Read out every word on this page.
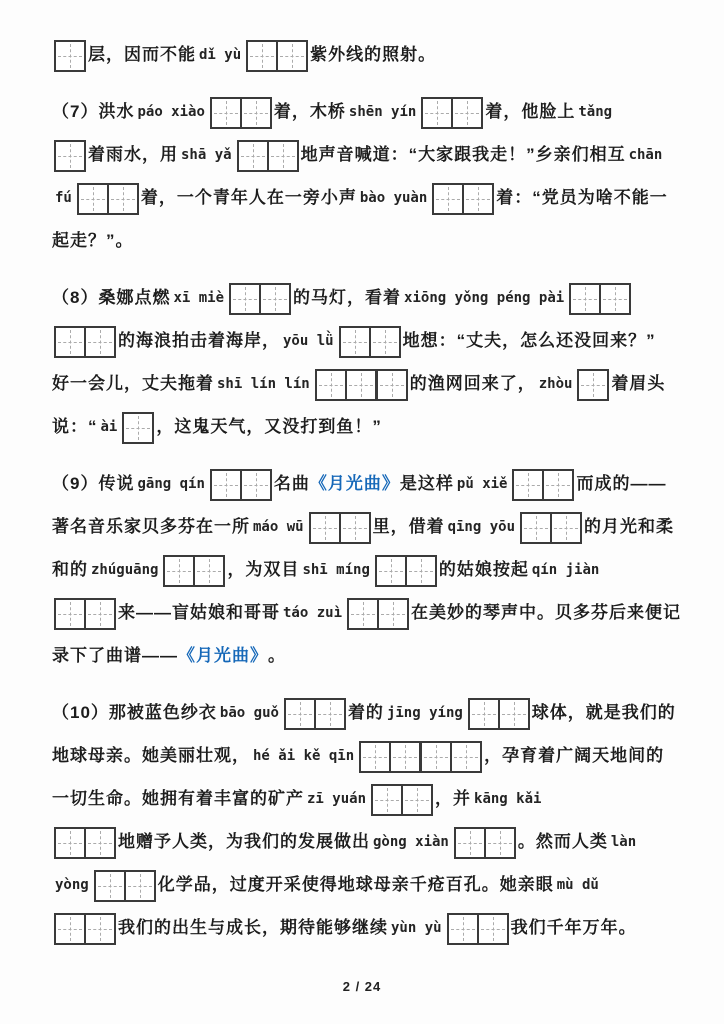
层，因而不能 dǐ yù	紫外线的照射。
（7）洪水 páo xiào	着，木桥 shēn yín	着，他脸上 tǎng
着雨水，用 shā yǎ	地声音喊道：“大家跟我走！”乡亲们相互 chān
fú	着，一个青年人在一旁小声 bào yuàn	着：“党员为啥不能一
起走？”。
（8）桑娜点燃 xī miè	的马灯，看着 xiōng yǒng péng pài
的海浪拍击着海岸， yōu lǜ	地想：“丈夫，怎么还没回来？”
好一会儿，丈夫拖着 shī lín lín	的渔网回来了， zhòu 着眉头
说：“ ài ，这鬼天气，又没打到鱼！”
（9）传说 gāng qín	名曲 《月光曲》 是这样 pǔ xiě	而成的——
著名音乐家贝多芬在一所 máo wū	里，借着 qīng yōu	的月光和柔
和的 zhúguāng	，为双目 shī míng	的姑娘按起 qín jiàn
来——盲姑娘和哥哥 táo zuì	在美妙的琴声中。贝多芬后来便记
录下了曲谱—— 《月光曲》 。
（10）那被蓝色纱衣 bāo guǒ	着的 jīng yíng	球体，就是我们的
地球母亲。她美丽壮观， hé ǎi kě qīn	，孕育着广阔天地间的
一切生命。她拥有着丰富的矿产 zī yuán	，并 kāng kǎi
地赠予人类，为我们的发展做出 gòng xiàn	。然而人类 làn
yòng	化学品，过度开采使得地球母亲千疮百孔。她亲眼 mù dǔ
我们的出生与成长，期待能够继续 yùn yù	我们千年万年。
2 / 24
